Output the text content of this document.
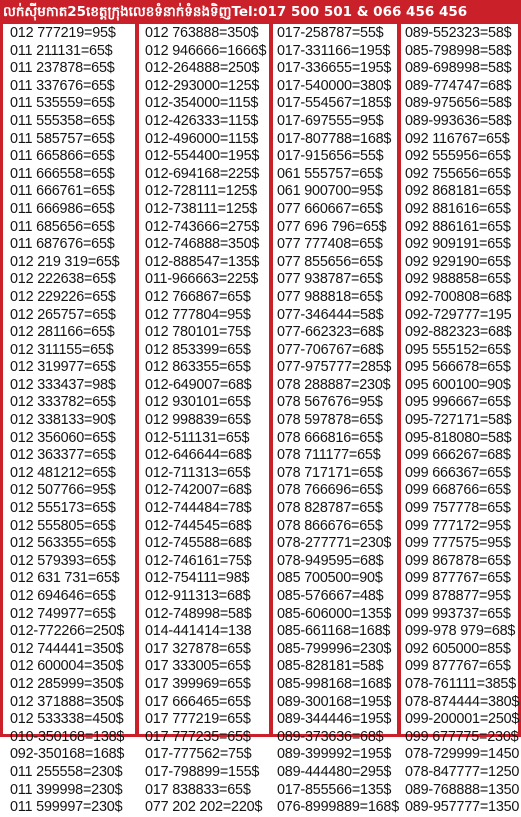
លក់ស៊ីមកាត25ខេត្តក្រុងលេខទំនាក់ទំនងទិញTel:017 500 501 & 066 456 456
012 777219=95$
011 211131=65$
011 237878=65$
011 337676=65$
011 535559=65$
011 555358=65$
011 585757=65$
011 665866=65$
011 666558=65$
011 666761=65$
011 666986=65$
011 685656=65$
011 687676=65$
012 219 319=65$
012 222638=65$
012 229226=65$
012 265757=65$
012 281166=65$
012 311155=65$
012 319977=65$
012 333437=98$
012 333782=65$
012 338133=90$
012 356060=65$
012 363377=65$
012 481212=65$
012 507766=95$
012 555173=65$
012 555805=65$
012 563355=65$
012 579393=65$
012 631 731=65$
012 694646=65$
012 749977=65$
012-772266=250$
012 744441=350$
012 600004=350$
012 285999=350$
012 371888=350$
012 533338=450$
010-350168=138$
092-350168=168$
011 255558=230$
011 399998=230$
011 599997=230$
012 763888=350$
012 946666=1666$
012-264888=250$
012-293000=125$
012-354000=115$
012-426333=115$
012-496000=115$
012-554400=195$
012-694168=225$
012-728111=125$
012-738111=125$
012-743666=275$
012-746888=350$
012-888547=135$
011-966663=225$
012 766867=65$
012 777804=95$
012 780101=75$
012 853399=65$
012 863355=65$
012-649007=68$
012 930101=65$
012 998839=65$
012-511131=65$
012-646644=68$
012-711313=65$
012-742007=68$
012-744484=78$
012-744545=68$
012-745588=68$
012-746161=75$
012-754111=98$
012-911313=68$
012-748998=58$
014-441414=138
017 327878=65$
017 333005=65$
017 399969=65$
017 666465=65$
017 777219=65$
017 777235=65$
017-777562=75$
017-798899=155$
017 838833=65$
077 202 202=220$
017-258787=55$
017-331166=195$
017-336655=195$
017-540000=380$
017-554567=185$
017-697555=95$
017-807788=168$
017-915656=55$
061 555757=65$
061 900700=95$
077 660667=65$
077 696 796=65$
077 777408=65$
077 855656=65$
077 938787=65$
077 988818=65$
077-346444=58$
077-662323=68$
077-706767=68$
077-975777=285$
078 288887=230$
078 567676=95$
078 597878=65$
078 666816=65$
078 711177=65$
078 717171=65$
078 766696=65$
078 828787=65$
078 866676=65$
078-277771=230$
078-949595=68$
085 700500=90$
085-576667=48$
085-606000=135$
085-661168=168$
085-799996=230$
085-828181=58$
085-998168=168$
089-300168=195$
089-344446=195$
089-373636=68$
089-399992=195$
089-444480=295$
017-855566=135$
076-8999889=168$
089-552323=58$
085-798998=58$
089-698998=58$
089-774747=68$
089-975656=58$
089-993636=58$
092 116767=65$
092 555956=65$
092 755656=65$
092 868181=65$
092 881616=65$
092 886161=65$
092 909191=65$
092 929190=65$
092 988858=65$
092-700808=68$
092-729777=195
092-882323=68$
095 555152=65$
095 566678=65$
095 600100=90$
095 996667=65$
095-727171=58$
095-818080=58$
099 666267=68$
099 666367=65$
099 668766=65$
099 757778=65$
099 777172=95$
099 777575=95$
099 867878=65$
099 877767=65$
099 878877=95$
099 993737=65$
099-978 979=68$
092 605000=85$
099 877767=65$
078-761111=385$
078-874444=380$
099-200001=250$
099 677775=230$
078-729999=1450
078-847777=1250
089-768888=1350
089-957777=1350
